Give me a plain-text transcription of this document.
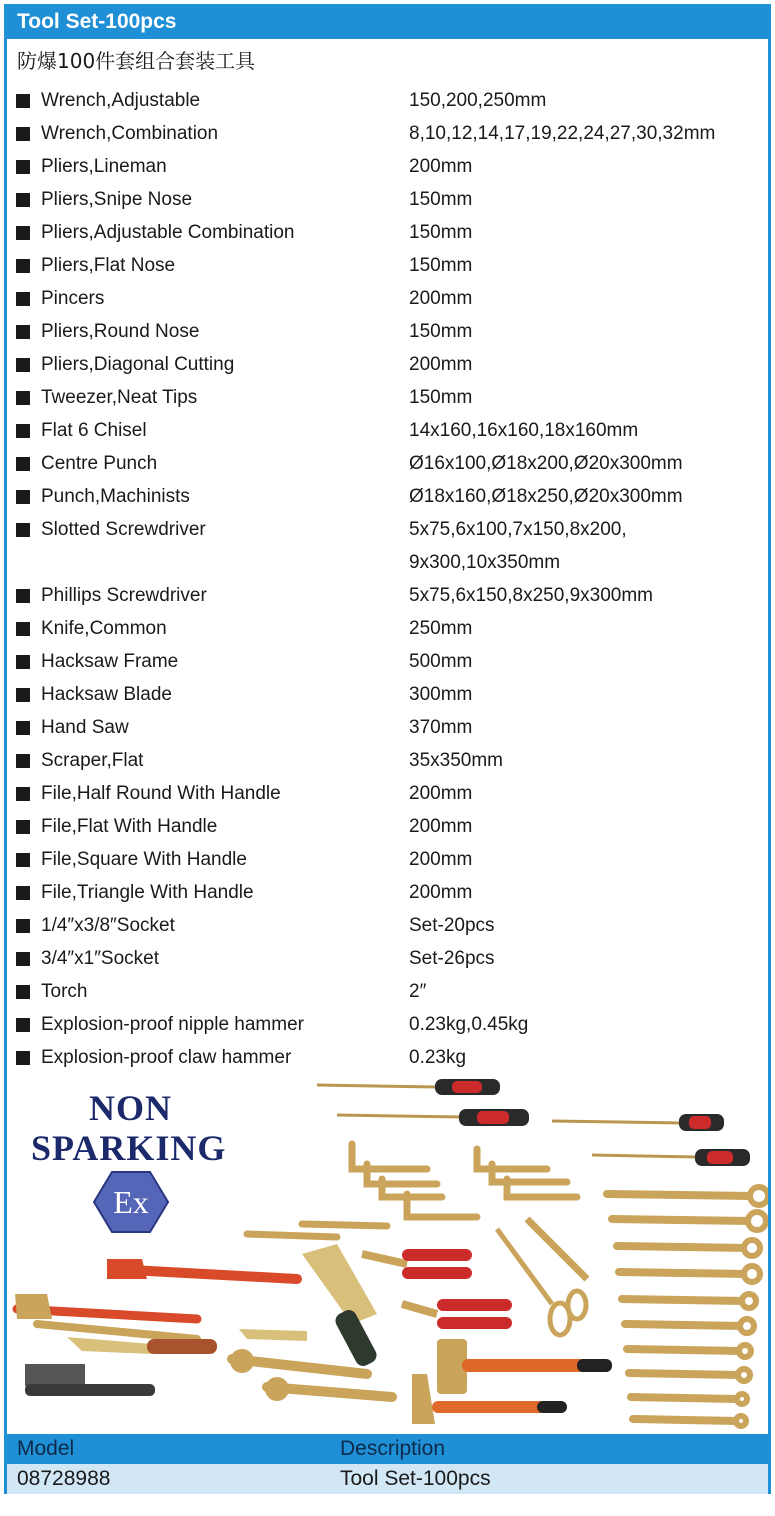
Tool Set-100pcs
防爆100件套组合套装工具
Wrench,Adjustable	150,200,250mm
Wrench,Combination	8,10,12,14,17,19,22,24,27,30,32mm
Pliers,Lineman	200mm
Pliers,Snipe Nose	150mm
Pliers,Adjustable Combination	150mm
Pliers,Flat Nose	150mm
Pincers	200mm
Pliers,Round Nose	150mm
Pliers,Diagonal Cutting	200mm
Tweezer,Neat Tips	150mm
Flat 6 Chisel	14x160,16x160,18x160mm
Centre Punch	Ø16x100,Ø18x200,Ø20x300mm
Punch,Machinists	Ø18x160,Ø18x250,Ø20x300mm
Slotted Screwdriver	5x75,6x100,7x150,8x200,
9x300,10x350mm
Phillips Screwdriver	5x75,6x150,8x250,9x300mm
Knife,Common	250mm
Hacksaw Frame	500mm
Hacksaw Blade	300mm
Hand Saw	370mm
Scraper,Flat	35x350mm
File,Half Round With Handle	200mm
File,Flat With Handle	200mm
File,Square With Handle	200mm
File,Triangle With Handle	200mm
1/4″x3/8″Socket	Set-20pcs
3/4″x1″Socket	Set-26pcs
Torch	2″
Explosion-proof nipple hammer	0.23kg,0.45kg
Explosion-proof claw hammer	0.23kg
NON
SPARKING
Ex
Model	Description
08728988	Tool Set-100pcs
